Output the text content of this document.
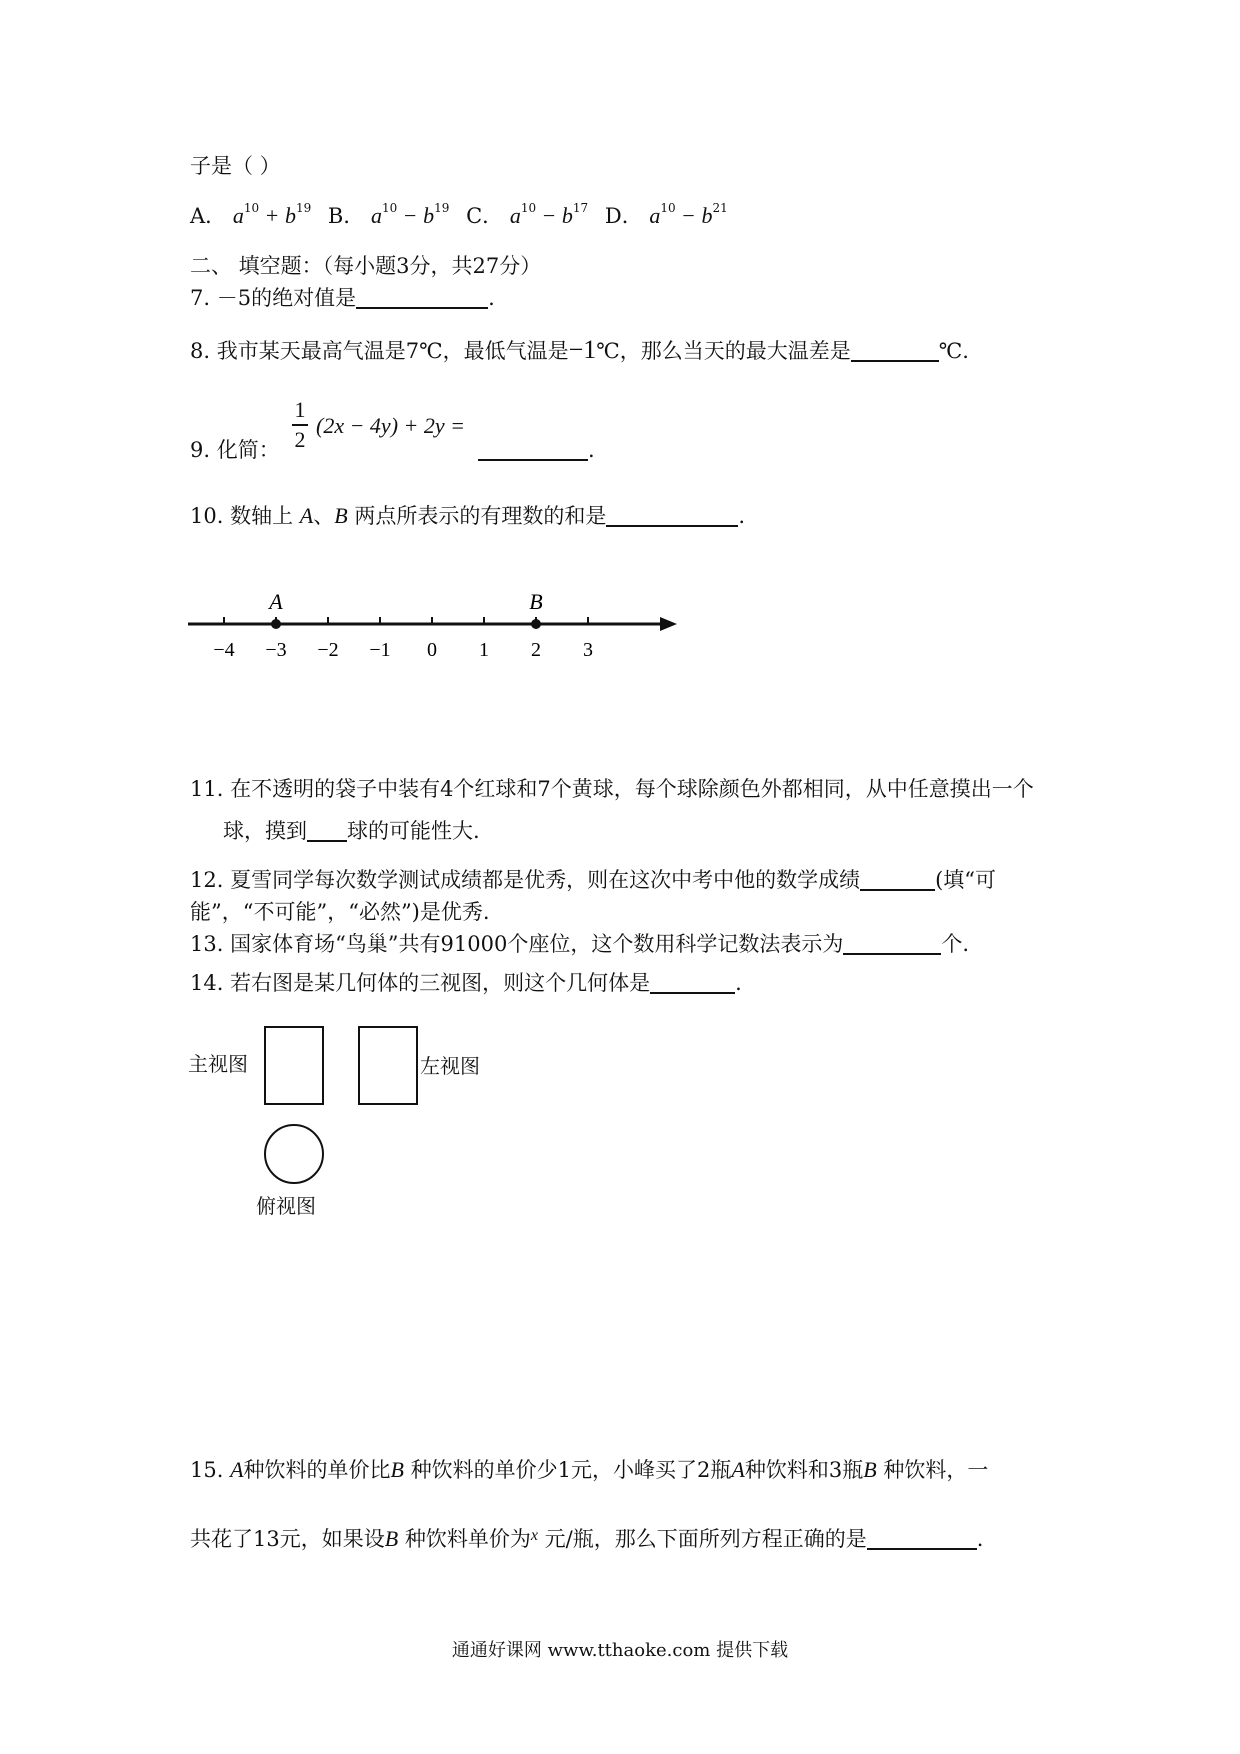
子是（ ）
A． $a^{10} + b^{19}$ B． $a^{10} - b^{19}$ C． $a^{10} - b^{17}$ D． $a^{10} - b^{21}$
二、 填空题：（每小题3分，共27分）
7. －5的绝对值是	.
8. 我市某天最高气温是7℃，最低气温是−1℃，那么当天的最大温差是	℃.
9. 化简：
1
2
(2x − 4y) + 2y =
.
10. 数轴上 A、B 两点所表示的有理数的和是	.
−4 −3 −2 −1 0 1 2 3
A	B
11. 在不透明的袋子中装有4个红球和7个黄球，每个球除颜色外都相同，从中任意摸出一个
球，摸到 球的可能性大.
12. 夏雪同学每次数学测试成绩都是优秀，则在这次中考中他的数学成绩	(填“可
能”，“不可能”，“必然”)是优秀.
13. 国家体育场“鸟巢”共有91000个座位，这个数用科学记数法表示为	个.
14. 若右图是某几何体的三视图，则这个几何体是	.
主视图	左视图
俯视图
15. A种饮料的单价比B 种饮料的单价少1元，小峰买了2瓶A种饮料和3瓶B 种饮料，一
共花了13元，如果设B 种饮料单价为$^x$ 元/瓶，那么下面所列方程正确的是	.
通通好课网 www.tthaoke.com 提供下载
